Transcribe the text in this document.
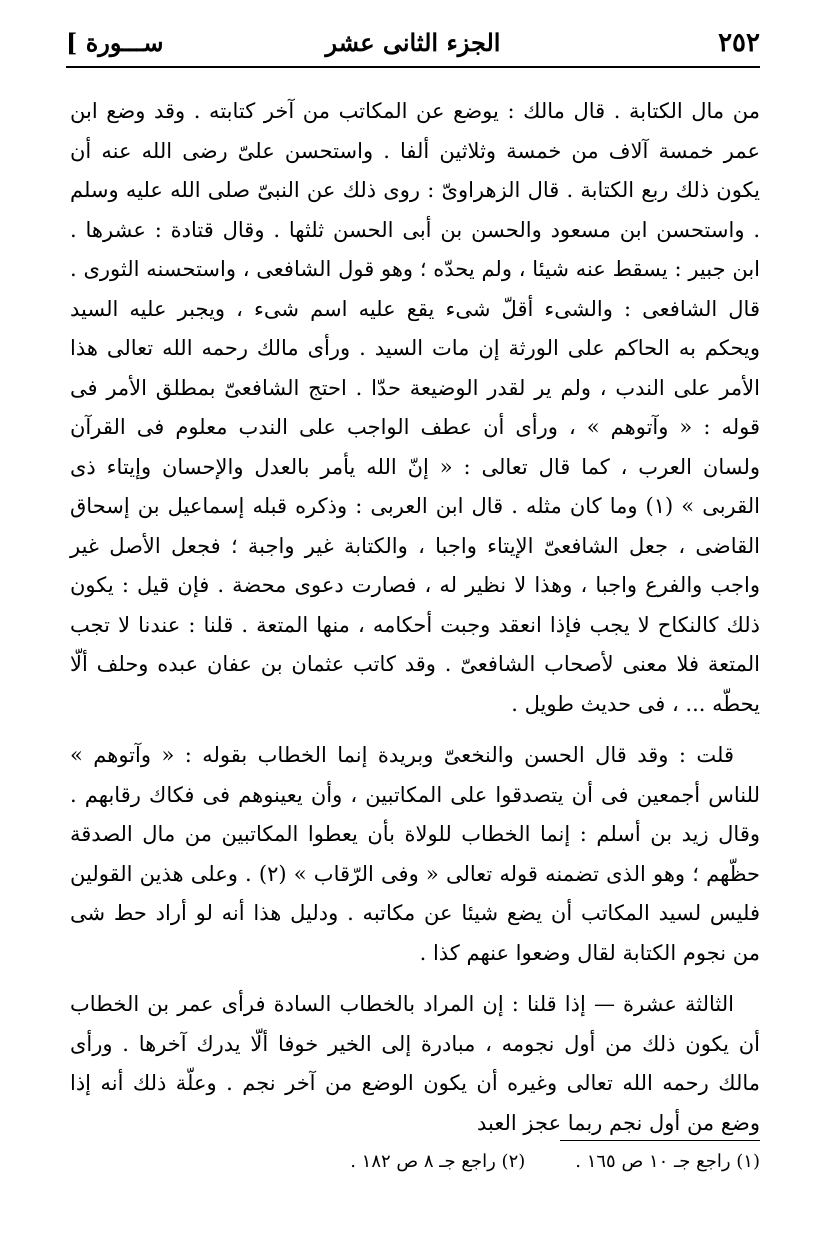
٢٥٢
الجزء الثانى عشر
[ ســـورة

من مال الكتابة . قال مالك : يوضع عن المكاتب من آخر كتابته . وقد وضع ابن عمر خمسة آلاف من خمسة وثلاثين ألفا . واستحسن علىّ رضى الله عنه أن يكون ذلك ربع الكتابة . قال الزهراوىّ : روى ذلك عن النبىّ صلى الله عليه وسلم . واستحسن ابن مسعود والحسن بن أبى الحسن ثلثها . وقال قتادة : عشرها . ابن جبير : يسقط عنه شيئا ، ولم يحدّه ؛ وهو قول الشافعى ، واستحسنه الثورى . قال الشافعى : والشىء أقلّ شىء يقع عليه اسم شىء ، ويجبر عليه السيد ويحكم به الحاكم على الورثة إن مات السيد . ورأى مالك رحمه الله تعالى هذا الأمر على الندب ، ولم ير لقدر الوضيعة حدّا . احتج الشافعىّ بمطلق الأمر فى قوله : « وآتوهم » ، ورأى أن عطف الواجب على الندب معلوم فى القرآن ولسان العرب ، كما قال تعالى : « إنّ الله يأمر بالعدل والإحسان وإيتاء ذى القربى » (١) وما كان مثله . قال ابن العربى : وذكره قبله إسماعيل بن إسحاق القاضى ، جعل الشافعىّ الإيتاء واجبا ، والكتابة غير واجبة ؛ فجعل الأصل غير واجب والفرع واجبا ، وهذا لا نظير له ، فصارت دعوى محضة . فإن قيل : يكون ذلك كالنكاح لا يجب فإذا انعقد وجبت أحكامه ، منها المتعة . قلنا : عندنا لا تجب المتعة فلا معنى لأصحاب الشافعىّ . وقد كاتب عثمان بن عفان عبده وحلف ألّا يحطّه ... ، فى حديث طويل .

قلت : وقد قال الحسن والنخعىّ وبريدة إنما الخطاب بقوله : « وآتوهم » للناس أجمعين فى أن يتصدقوا على المكاتبين ، وأن يعينوهم فى فكاك رقابهم . وقال زيد بن أسلم : إنما الخطاب للولاة بأن يعطوا المكاتبين من مال الصدقة حظّهم ؛ وهو الذى تضمنه قوله تعالى « وفى الرّقاب » (٢) . وعلى هذين القولين فليس لسيد المكاتب أن يضع شيئا عن مكاتبه . ودليل هذا أنه لو أراد حط شى من نجوم الكتابة لقال وضعوا عنهم كذا .

الثالثة عشرة — إذا قلنا : إن المراد بالخطاب السادة فرأى عمر بن الخطاب أن يكون ذلك من أول نجومه ، مبادرة إلى الخير خوفا ألّا يدرك آخرها . ورأى مالك رحمه الله تعالى وغيره أن يكون الوضع من آخر نجم . وعلّة ذلك أنه إذا وضع من أول نجم ربما عجز العبد

(١) راجع جـ ١٠ ص ١٦٥ .
(٢) راجع جـ ٨ ص ١٨٢ .
